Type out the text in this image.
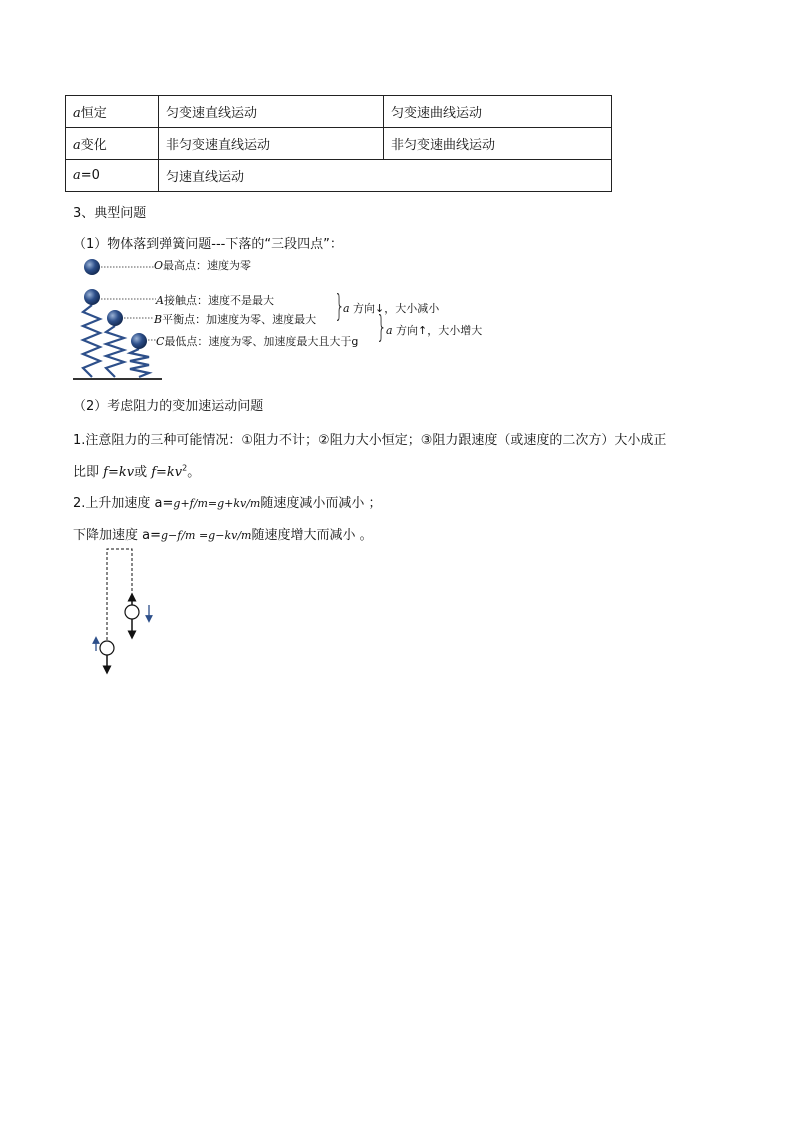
a恒定	匀变速直线运动	匀变速曲线运动
a变化	非匀变速直线运动	非匀变速曲线运动
a=0	匀速直线运动	
3、典型问题
（1）物体落到弹簧问题---下落的“三段四点”：
O最高点：速度为零
A接触点：速度不是最大
B平衡点：加速度为零、速度最大
C最低点：速度为零、加速度最大且大于g
}
a 方向↓，大小减小
} a 方向↑，大小增大
（2）考虑阻力的变加速运动问题
1.注意阻力的三种可能情况：①阻力不计；②阻力大小恒定；③阻力跟速度（或速度的二次方）大小成正
比即 f=kv或 $f=kv^2$。
2.上升加速度 a=g+f/m=g+kv/m随速度减小而减小 ；
下降加速度 a=g−f/m =g−kv/m随速度增大而减小 。
